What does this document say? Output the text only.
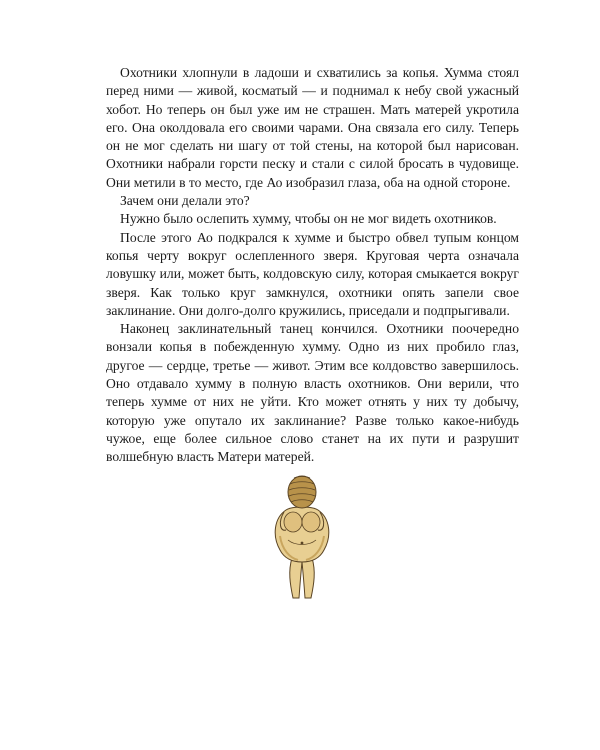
Охотники хлопнули в ладоши и схватились за копья. Хумма стоял перед ними — живой, косматый — и поднимал к небу свой ужасный хобот. Но теперь он был уже им не страшен. Мать матерей укротила его. Она околдовала его своими чарами. Она связала его силу. Теперь он не мог сделать ни шагу от той стены, на которой был нарисован. Охотники набрали горсти песку и стали с силой бросать в чудовище. Они метили в то место, где Ао изобразил глаза, оба на одной стороне.

Зачем они делали это?

Нужно было ослепить хумму, чтобы он не мог видеть охотников.

После этого Ао подкрался к хумме и быстро обвел тупым концом копья черту вокруг ослепленного зверя. Круговая черта означала ловушку или, может быть, колдовскую силу, которая смыкается вокруг зверя. Как только круг замкнулся, охотники опять запели свое заклинание. Они долго-долго кружились, приседали и подпрыгивали.

Наконец заклинательный танец кончился. Охотники поочередно вонзали копья в побежденную хумму. Одно из них пробило глаз, другое — сердце, третье — живот. Этим все колдовство завершилось. Оно отдавало хумму в полную власть охотников. Они верили, что теперь хумме от них не уйти. Кто может отнять у них ту добычу, которую уже опутало их заклинание? Разве только какое-нибудь чужое, еще более сильное слово станет на их пути и разрушит волшебную власть Матери матерей.
